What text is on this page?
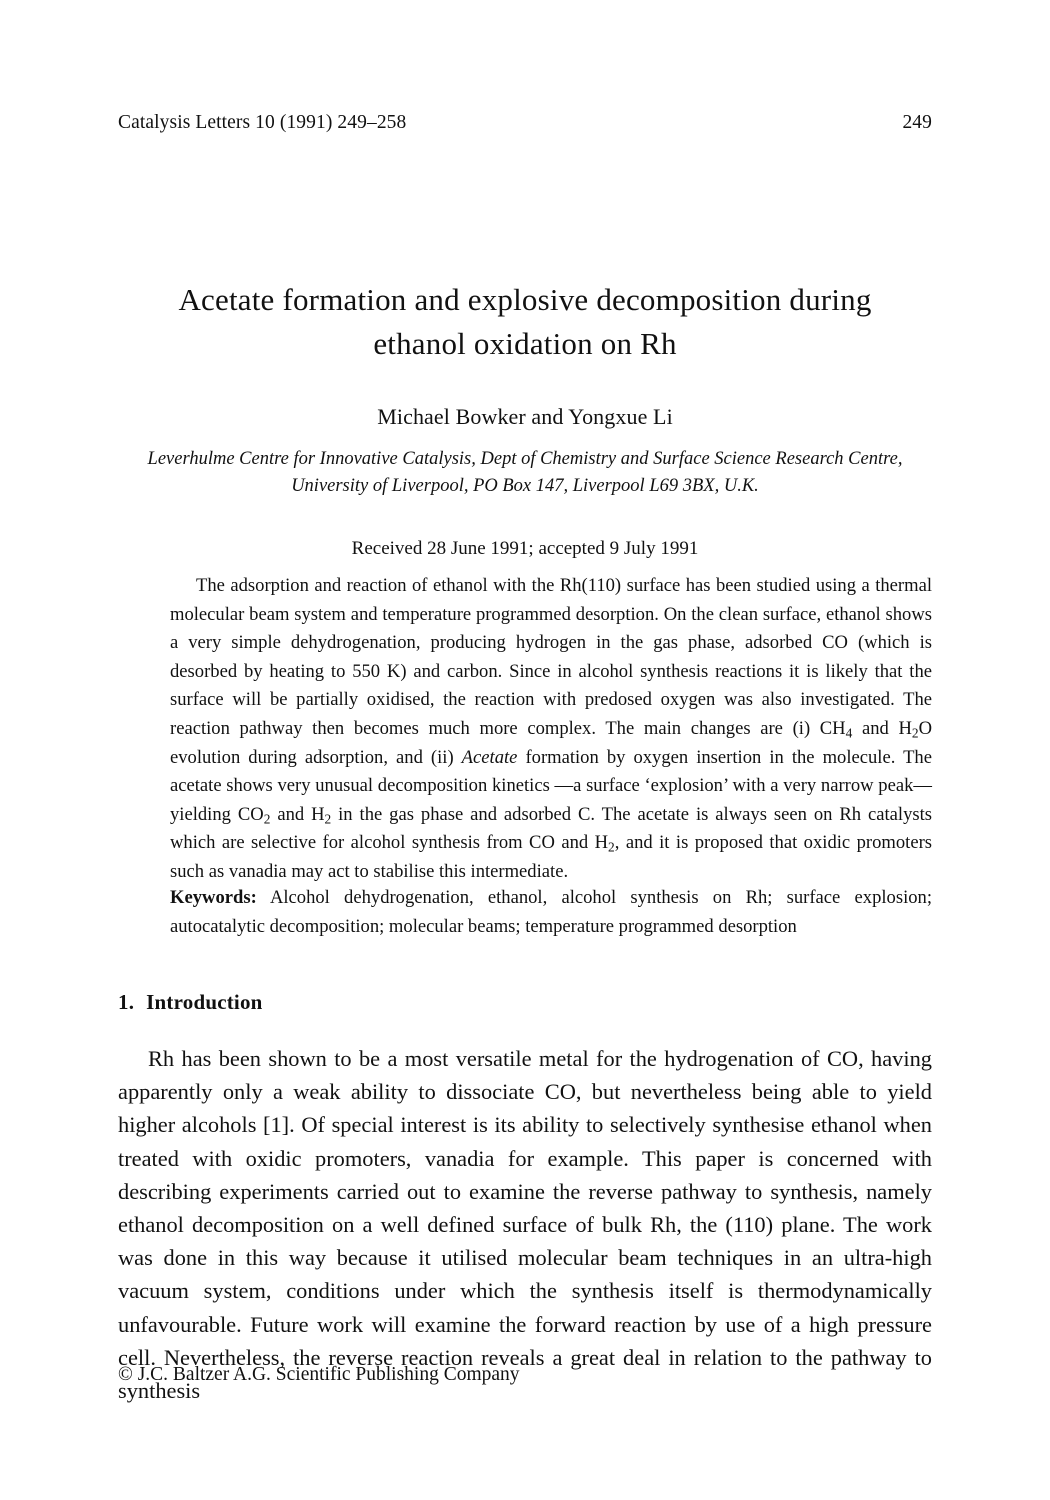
Catalysis Letters 10 (1991) 249–258	249
Acetate formation and explosive decomposition during
ethanol oxidation on Rh
Michael Bowker and Yongxue Li
Leverhulme Centre for Innovative Catalysis, Dept of Chemistry and Surface Science Research Centre,
University of Liverpool, PO Box 147, Liverpool L69 3BX, U.K.
Received 28 June 1991; accepted 9 July 1991

The adsorption and reaction of ethanol with the Rh(110) surface has been studied using a thermal molecular beam system and temperature programmed desorption. On the clean surface, ethanol shows a very simple dehydrogenation, producing hydrogen in the gas phase, adsorbed CO (which is desorbed by heating to 550 K) and carbon. Since in alcohol synthesis reactions it is likely that the surface will be partially oxidised, the reaction with predosed oxygen was also investigated. The reaction pathway then becomes much more complex. The main changes are (i) $CH_4$ and $H_2O$ evolution during adsorption, and (ii) Acetate formation by oxygen insertion in the molecule. The acetate shows very unusual decomposition kinetics —a surface ‘explosion’ with a very narrow peak—yielding $CO_2$ and $H_2$ in the gas phase and adsorbed C. The acetate is always seen on Rh catalysts which are selective for alcohol synthesis from CO and $H_2$, and it is proposed that oxidic promoters such as vanadia may act to stabilise this intermediate.

Keywords: Alcohol dehydrogenation, ethanol, alcohol synthesis on Rh; surface explosion; autocatalytic decomposition; molecular beams; temperature programmed desorption

1. Introduction

Rh has been shown to be a most versatile metal for the hydrogenation of CO, having apparently only a weak ability to dissociate CO, but nevertheless being able to yield higher alcohols [1]. Of special interest is its ability to selectively synthesise ethanol when treated with oxidic promoters, vanadia for example. This paper is concerned with describing experiments carried out to examine the reverse pathway to synthesis, namely ethanol decomposition on a well defined surface of bulk Rh, the (110) plane. The work was done in this way because it utilised molecular beam techniques in an ultra-high vacuum system, conditions under which the synthesis itself is thermodynamically unfavourable. Future work will examine the forward reaction by use of a high pressure cell. Nevertheless, the reverse reaction reveals a great deal in relation to the pathway to synthesis

© J.C. Baltzer A.G. Scientific Publishing Company
